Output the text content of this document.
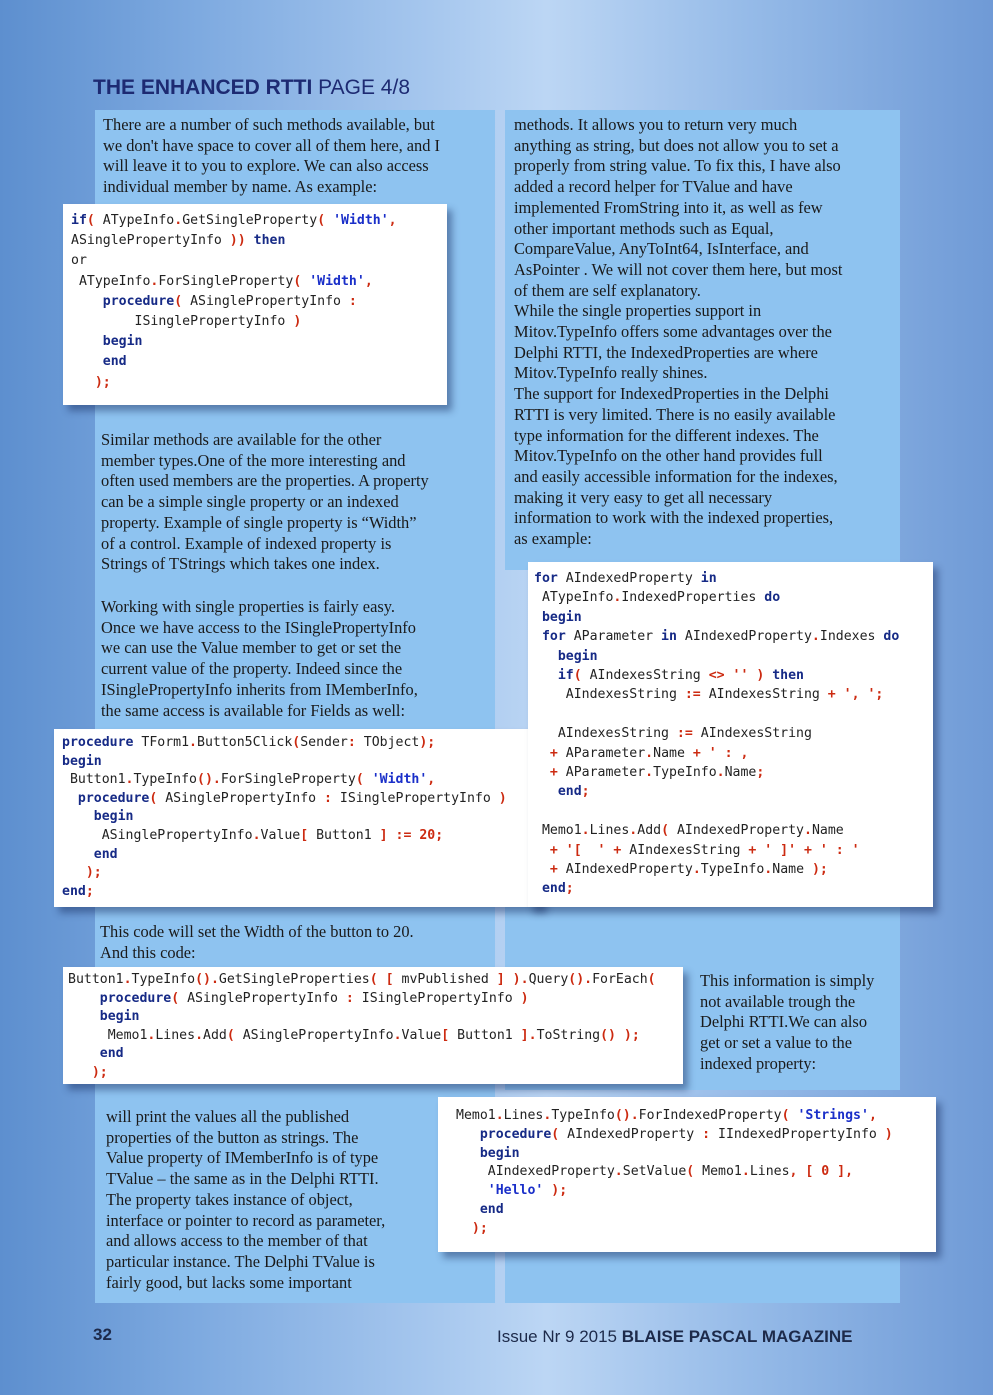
THE ENHANCED RTTI PAGE 4/8

There are a number of such methods available, but

we don't have space to cover all of them here, and I

will leave it to you to explore. We can also access

individual member by name. As example:

Similar methods are available for the other

member types.One of the more interesting and

often used members are the properties. A property

can be a simple single property or an indexed

property. Example of single property is “Width”

of a control. Example of indexed property is

Strings of TStrings which takes one index.

Working with single properties is fairly easy.

Once we have access to the ISinglePropertyInfo

we can use the Value member to get or set the

current value of the property. Indeed since the

ISinglePropertyInfo inherits from IMemberInfo,

the same access is available for Fields as well:

This code will set the Width of the button to 20.

And this code:

will print the values all the published

properties of the button as strings. The

Value property of IMemberInfo is of type

TValue – the same as in the Delphi RTTI.

The property takes instance of object,

interface or pointer to record as parameter,

and allows access to the member of that

particular instance. The Delphi TValue is

fairly good, but lacks some important

methods. It allows you to return very much

anything as string, but does not allow you to set a

properly from string value. To fix this, I have also

added a record helper for TValue and have

implemented FromString into it, as well as few

other important methods such as Equal,

CompareValue, AnyToInt64, IsInterface, and

AsPointer . We will not cover them here, but most

of them are self explanatory.

While the single properties support in

Mitov.TypeInfo offers some advantages over the

Delphi RTTI, the IndexedProperties are where

Mitov.TypeInfo really shines.

The support for IndexedProperties in the Delphi

RTTI is very limited. There is no easily available

type information for the different indexes. The

Mitov.TypeInfo on the other hand provides full

and easily accessible information for the indexes,

making it very easy to get all necessary

information to work with the indexed properties,

as example:

This information is simply

not available trough the

Delphi RTTI.We can also

get or set a value to the

indexed property:

if( ATypeInfo.GetSingleProperty( 'Width',
ASinglePropertyInfo )) then
or
ATypeInfo.ForSingleProperty( 'Width',
procedure( ASinglePropertyInfo :
ISinglePropertyInfo )
begin
end
);
procedure TForm1.Button5Click(Sender: TObject);
begin
Button1.TypeInfo().ForSingleProperty( 'Width',
procedure( ASinglePropertyInfo : ISinglePropertyInfo )
begin
ASinglePropertyInfo.Value[ Button1 ] := 20;
end
);
end;
for AIndexedProperty in
ATypeInfo.IndexedProperties do
begin
for AParameter in AIndexedProperty.Indexes do
begin
if( AIndexesString <> '' ) then
AIndexesString := AIndexesString + ', ';
AIndexesString := AIndexesString
+ AParameter.Name + ' : ,
+ AParameter.TypeInfo.Name;
end;
Memo1.Lines.Add( AIndexedProperty.Name
+ '[  ' + AIndexesString + ' ]' + ' : '
+ AIndexedProperty.TypeInfo.Name );
end;
Button1.TypeInfo().GetSingleProperties( [ mvPublished ] ).Query().ForEach(
procedure( ASinglePropertyInfo : ISinglePropertyInfo )
begin
Memo1.Lines.Add( ASinglePropertyInfo.Value[ Button1 ].ToString() );
end
);
Memo1.Lines.TypeInfo().ForIndexedProperty( 'Strings',
procedure( AIndexedProperty : IIndexedPropertyInfo )
begin
AIndexedProperty.SetValue( Memo1.Lines, [ 0 ],
'Hello' );
end
);
32	Issue Nr 9 2015 BLAISE PASCAL MAGAZINE
